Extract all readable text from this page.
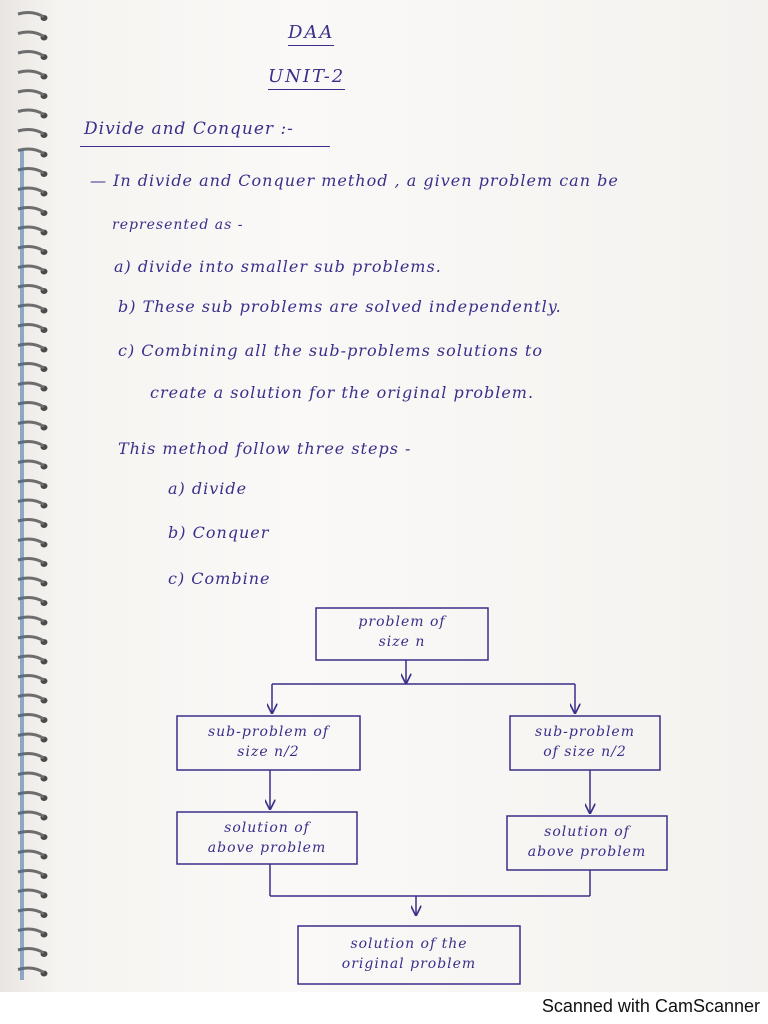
DAA
UNIT-2
Divide and Conquer :-
— In divide and Conquer method , a given problem can be
represented as -
a) divide into smaller sub problems.
b) These sub problems are solved independently.
c) Combining all the sub-problems solutions to
create a solution for the original problem.
This method follow three steps -
a) divide
b) Conquer
c) Combine
problem of
size n
sub-problem of
size n/2
sub-problem
of size n/2
solution of
above problem
solution of
above problem
solution of the
original problem
Scanned with CamScanner
